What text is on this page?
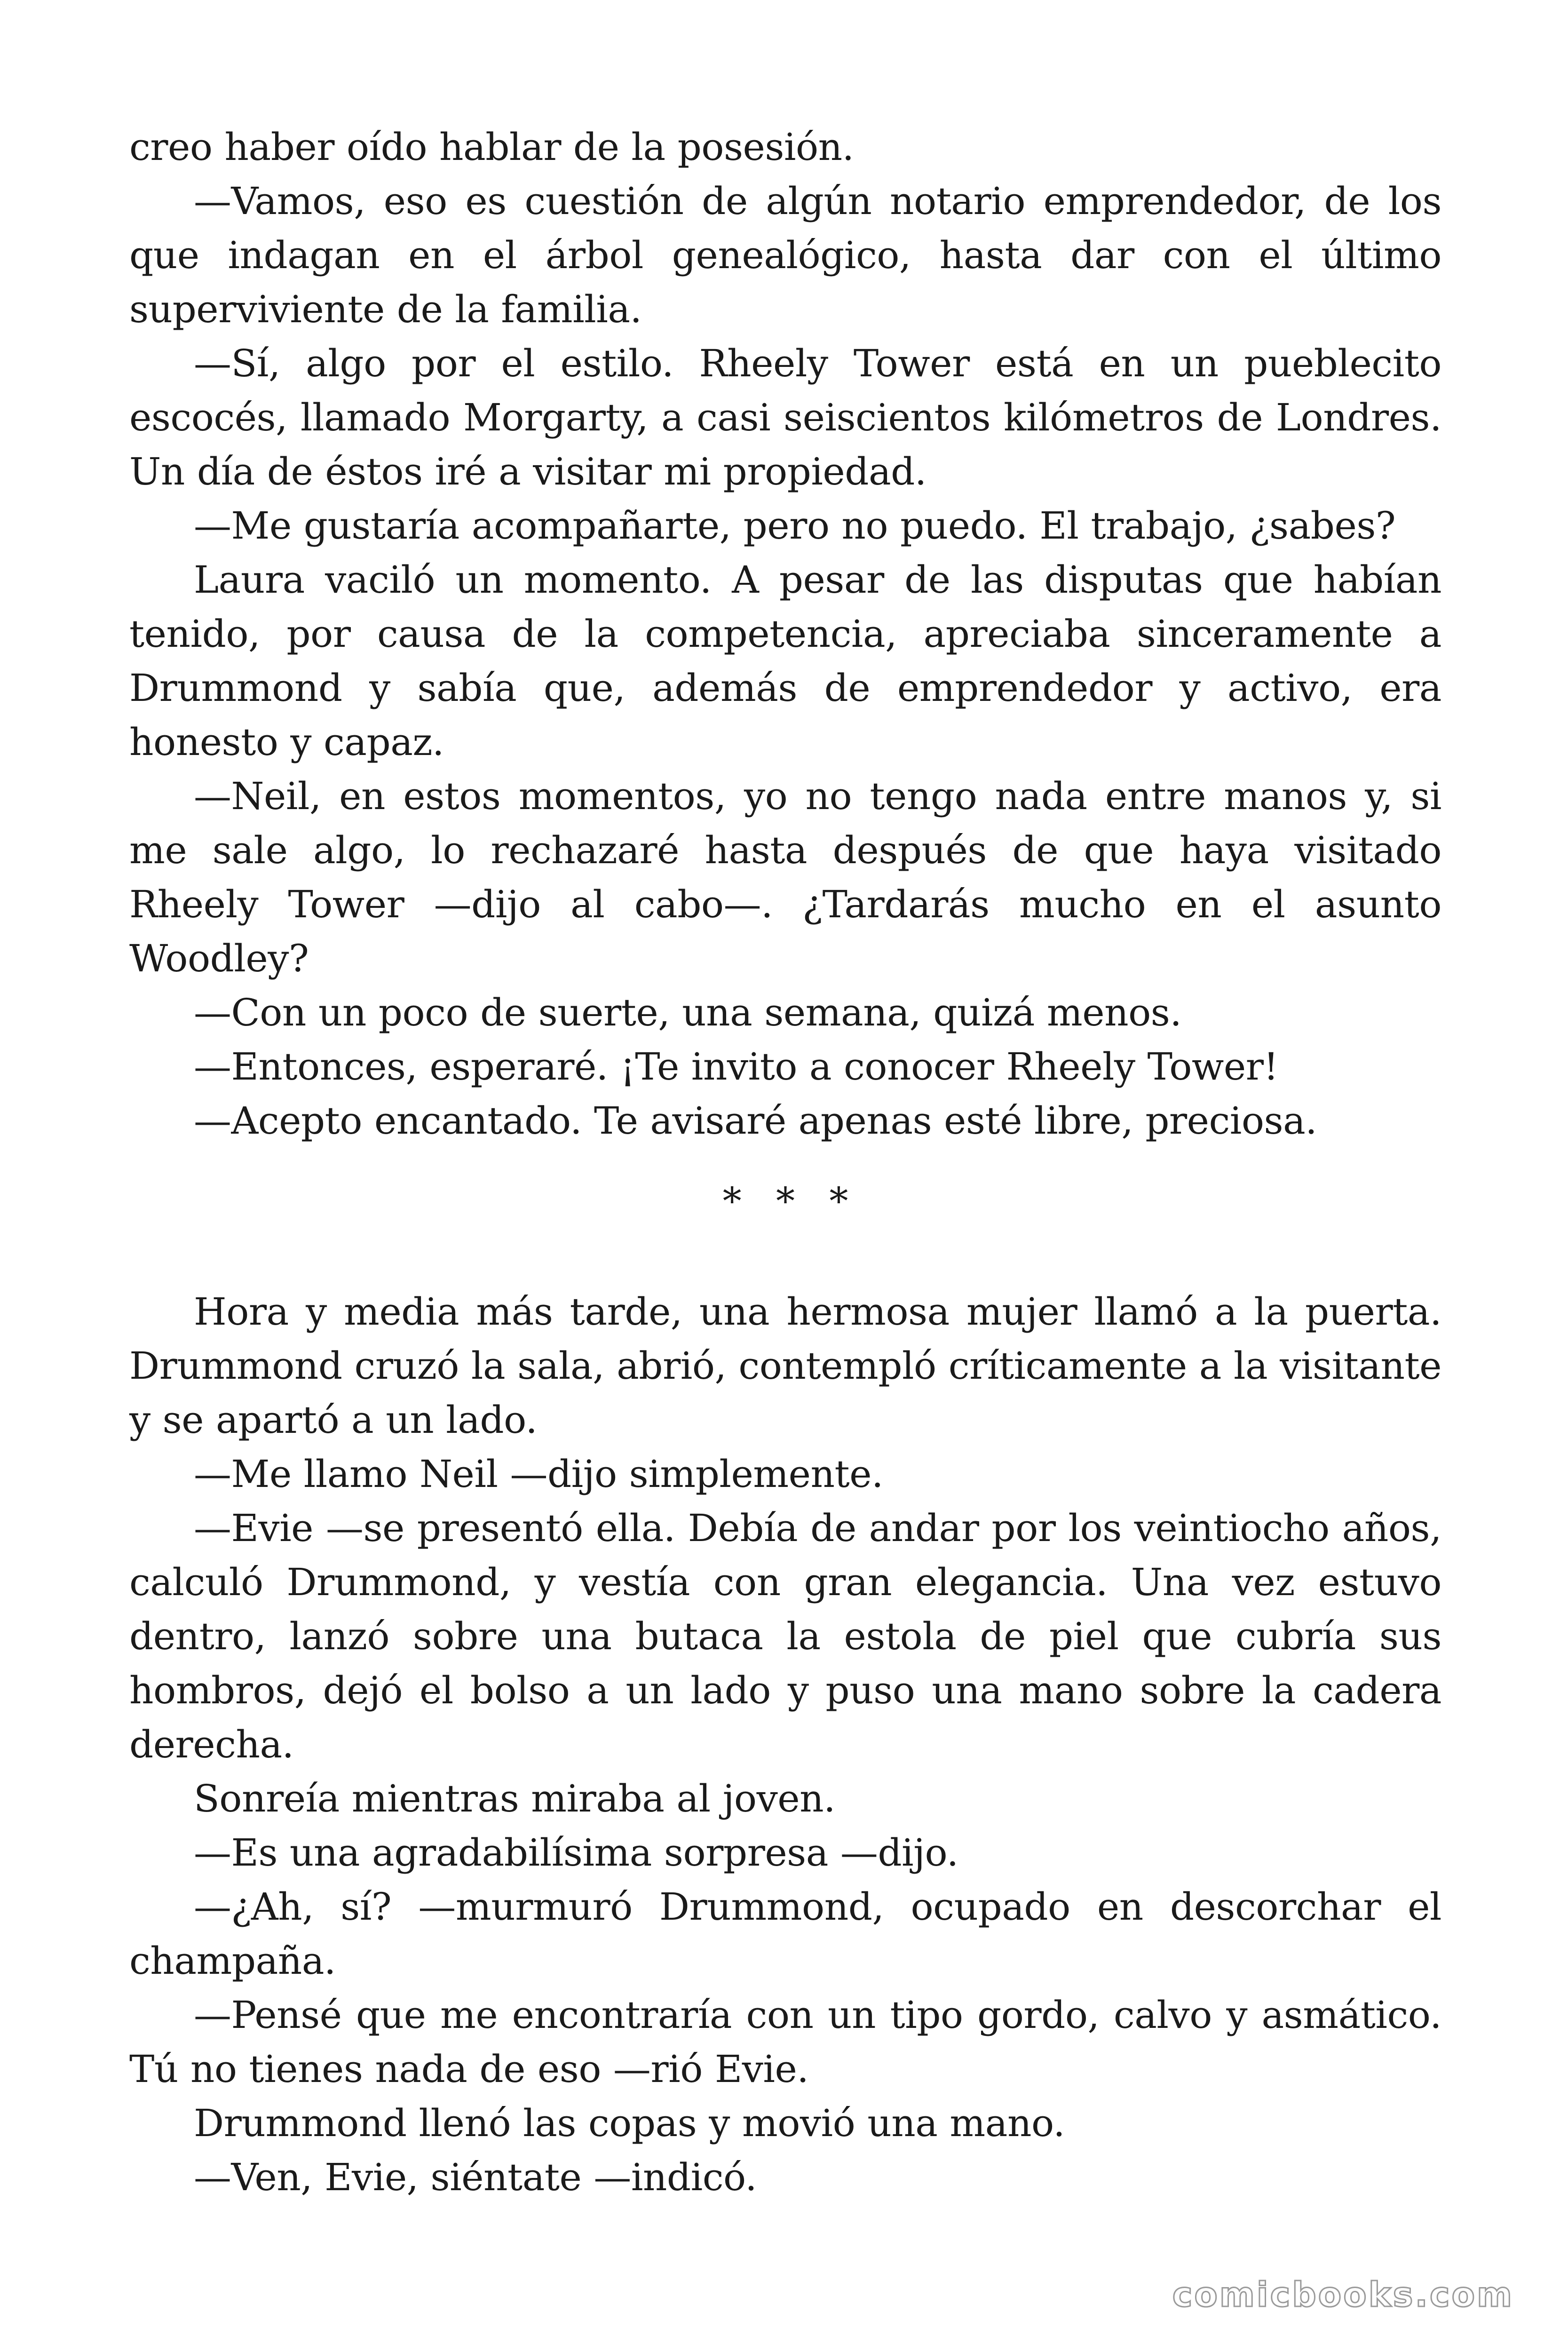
creo haber oído hablar de la posesión.

—Vamos, eso es cuestión de algún notario emprendedor, de los que indagan en el árbol genealógico, hasta dar con el último superviviente de la familia.

—Sí, algo por el estilo. Rheely Tower está en un pueblecito escocés, llamado Morgarty, a casi seiscientos kilómetros de Londres. Un día de éstos iré a visitar mi propiedad.

—Me gustaría acompañarte, pero no puedo. El trabajo, ¿sabes?

Laura vaciló un momento. A pesar de las disputas que habían tenido, por causa de la competencia, apreciaba sinceramente a Drummond y sabía que, además de emprendedor y activo, era honesto y capaz.

—Neil, en estos momentos, yo no tengo nada entre manos y, si me sale algo, lo rechazaré hasta después de que haya visitado Rheely Tower —dijo al cabo—. ¿Tardarás mucho en el asunto Woodley?

—Con un poco de suerte, una semana, quizá menos.

—Entonces, esperaré. ¡Te invito a conocer Rheely Tower!

—Acepto encantado. Te avisaré apenas esté libre, preciosa.

* * *

Hora y media más tarde, una hermosa mujer llamó a la puerta. Drummond cruzó la sala, abrió, contempló críticamente a la visitante y se apartó a un lado.

—Me llamo Neil —dijo simplemente.

—Evie —se presentó ella. Debía de andar por los veintiocho años, calculó Drummond, y vestía con gran elegancia. Una vez estuvo dentro, lanzó sobre una butaca la estola de piel que cubría sus hombros, dejó el bolso a un lado y puso una mano sobre la cadera derecha.

Sonreía mientras miraba al joven.

—Es una agradabilísima sorpresa —dijo.

—¿Ah, sí? —murmuró Drummond, ocupado en descorchar el champaña.

—Pensé que me encontraría con un tipo gordo, calvo y asmático. Tú no tienes nada de eso —rió Evie.

Drummond llenó las copas y movió una mano.

—Ven, Evie, siéntate —indicó.

comicbooks.com
